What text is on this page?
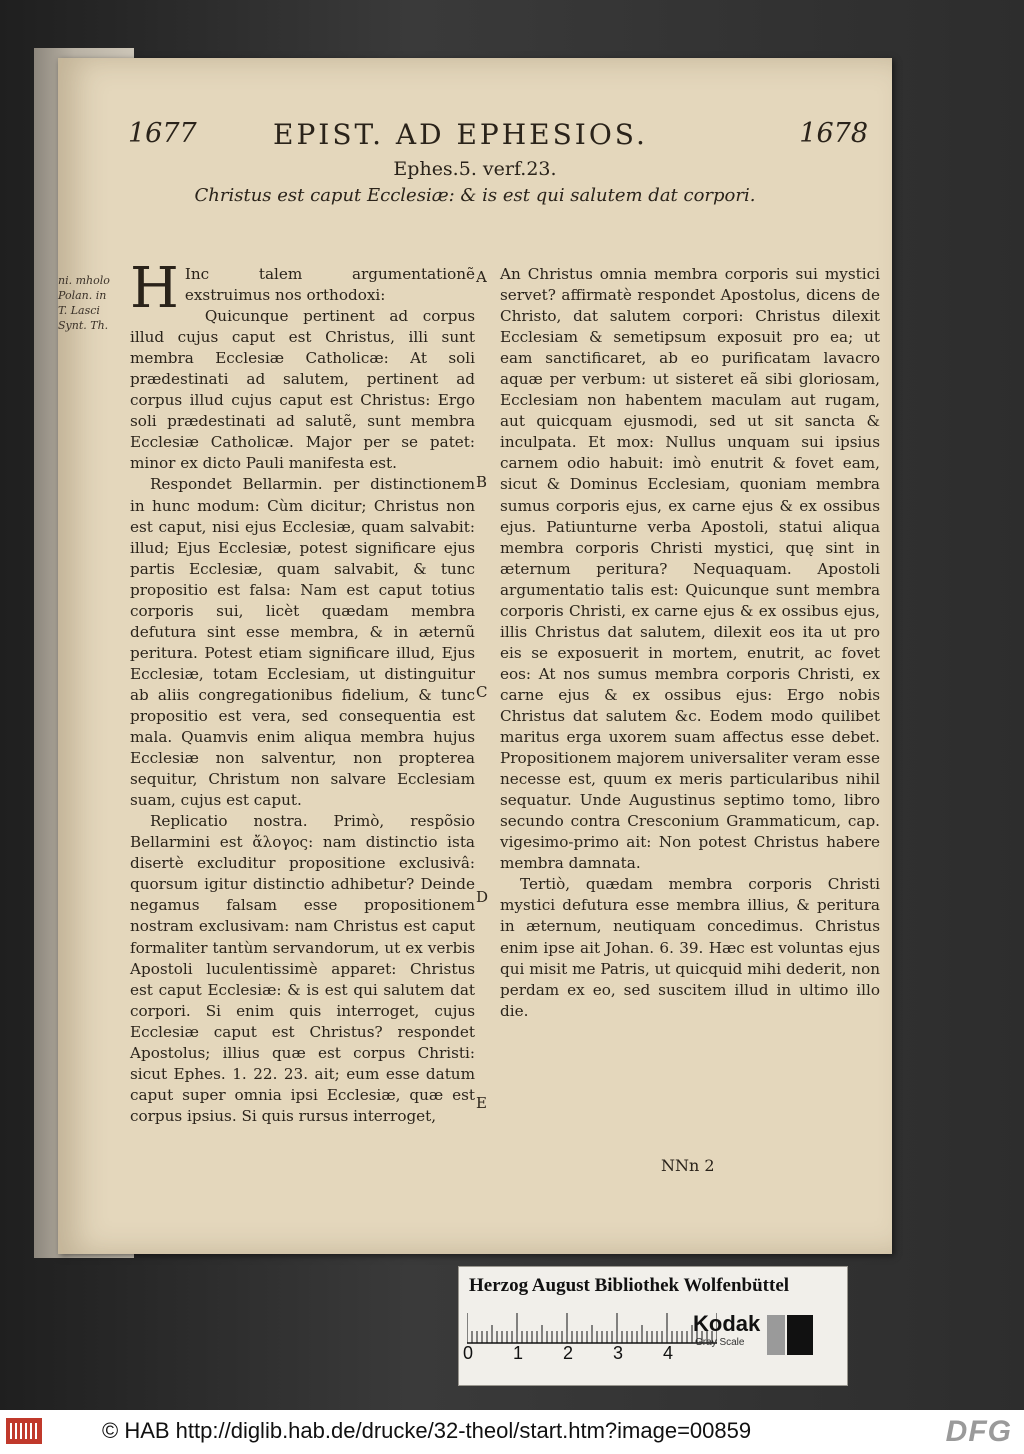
1677	EPIST. AD EPHESIOS.	1678
Ephes.5. verf.23.
Christus est caput Ecclesiæ: & is est qui salutem dat corpori.
ni. mholo Polan. in
T. Lasci Synt. Th.

H Inc talem argumentationẽ exstruimus nos orthodoxi:

Quicunque pertinent ad corpus illud cujus caput est Christus, illi sunt membra Ecclesiæ Catholicæ: At soli prædestinati ad salutem, pertinent ad corpus illud cujus caput est Christus: Ergo soli prædestinati ad salutẽ, sunt membra Ecclesiæ Catholicæ. Major per se patet: minor ex dicto Pauli manifesta est.

Respondet Bellarmin. per distinctionem in hunc modum: Cùm dicitur; Christus non est caput, nisi ejus Ecclesiæ, quam salvabit: illud; Ejus Ecclesiæ, potest significare ejus partis Ecclesiæ, quam salvabit, & tunc propositio est falsa: Nam est caput totius corporis sui, licèt quædam membra defutura sint esse membra, & in æternũ peritura. Potest etiam significare illud, Ejus Ecclesiæ, totam Ecclesiam, ut distinguitur ab aliis congregationibus fidelium, & tunc propositio est vera, sed consequentia est mala. Quamvis enim aliqua membra hujus Ecclesiæ non salventur, non propterea sequitur, Christum non salvare Ecclesiam suam, cujus est caput.

Replicatio nostra. Primò, respõsio Bellarmini est ἄλογος: nam distinctio ista disertè excluditur propositione exclusivâ: quorsum igitur distinctio adhibetur? Deinde negamus falsam esse propositionem nostram exclusivam: nam Christus est caput formaliter tantùm servandorum, ut ex verbis Apostoli luculentissimè apparet: Christus est caput Ecclesiæ: & is est qui salutem dat corpori. Si enim quis interroget, cujus Ecclesiæ caput est Christus? respondet Apostolus; illius quæ est corpus Christi: sicut Ephes. 1. 22. 23. ait; eum esse datum caput super omnia ipsi Ecclesiæ, quæ est corpus ipsius. Si quis rursus interroget,

A
B
C
D
E

An Christus omnia membra corporis sui mystici servet? affirmatè respondet Apostolus, dicens de Christo, dat salutem corpori: Christus dilexit Ecclesiam & semetipsum exposuit pro ea; ut eam sanctificaret, ab eo purificatam lavacro aquæ per verbum: ut sisteret eã sibi gloriosam, Ecclesiam non habentem maculam aut rugam, aut quicquam ejusmodi, sed ut sit sancta & inculpata. Et mox: Nullus unquam sui ipsius carnem odio habuit: imò enutrit & fovet eam, sicut & Dominus Ecclesiam, quoniam membra sumus corporis ejus, ex carne ejus & ex ossibus ejus. Patiunturne verba Apostoli, statui aliqua membra corporis Christi mystici, quę sint in æternum peritura? Nequaquam. Apostoli argumentatio talis est: Quicunque sunt membra corporis Christi, ex carne ejus & ex ossibus ejus, illis Christus dat salutem, dilexit eos ita ut pro eis se exposuerit in mortem, enutrit, ac fovet eos: At nos sumus membra corporis Christi, ex carne ejus & ex ossibus ejus: Ergo nobis Christus dat salutem &c. Eodem modo quilibet maritus erga uxorem suam affectus esse debet. Propositionem majorem universaliter veram esse necesse est, quum ex meris particularibus nihil sequatur. Unde Augustinus septimo tomo, libro secundo contra Cresconium Grammaticum, cap. vigesimo-primo ait: Non potest Christus habere membra damnata.

Tertiò, quædam membra corporis Christi mystici defutura esse membra illius, & peritura in æternum, neutiquam concedimus. Christus enim ipse ait Johan. 6. 39. Hæc est voluntas ejus qui misit me Patris, ut quicquid mihi dederit, non perdam ex eo, sed suscitem illud in ultimo illo die.

NNn 2
Herzog August Bibliothek Wolfenbüttel
0 1 2 3 4
Kodak
Gray Scale
© HAB http://diglib.hab.de/drucke/32-theol/start.htm?image=00859	DFG
